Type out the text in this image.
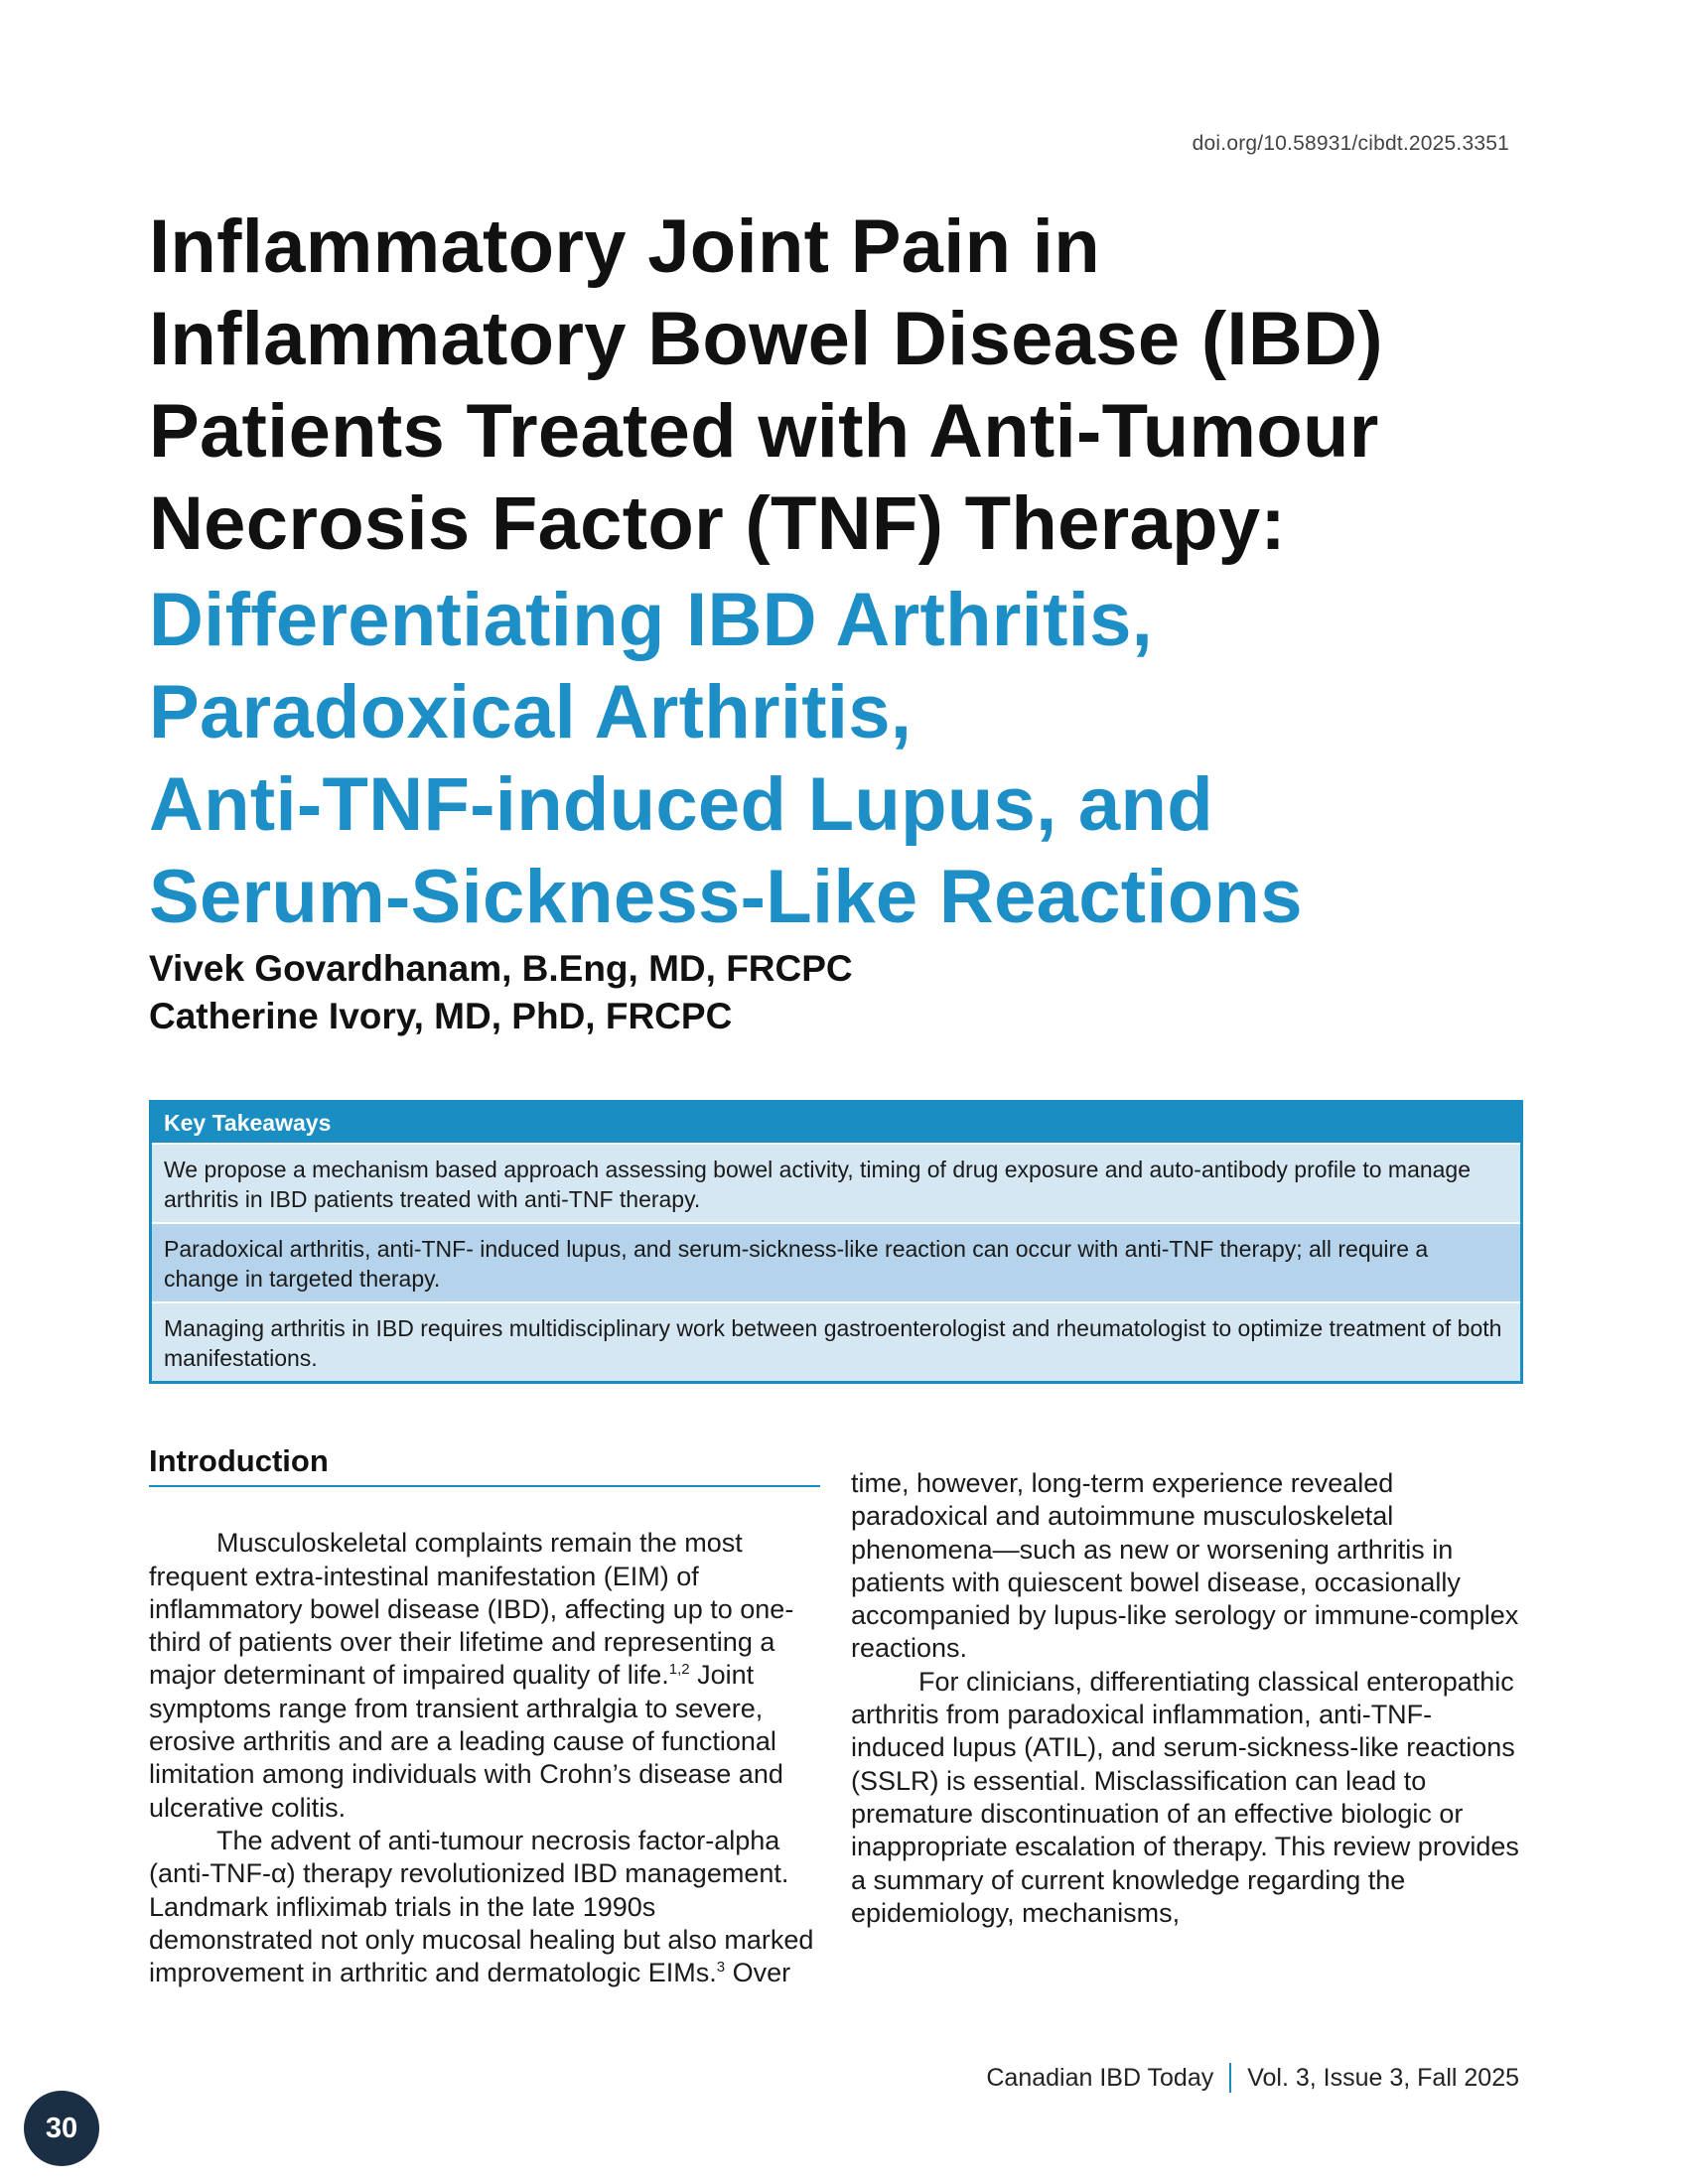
doi.org/10.58931/cibdt.2025.3351
Inflammatory Joint Pain in
Inflammatory Bowel Disease (IBD)
Patients Treated with Anti-Tumour
Necrosis Factor (TNF) Therapy:
Differentiating IBD Arthritis,
Paradoxical Arthritis,
Anti-TNF-induced Lupus, and
Serum-Sickness-Like Reactions
Vivek Govardhanam, B.Eng, MD, FRCPC
Catherine Ivory, MD, PhD, FRCPC
Key Takeaways
We propose a mechanism based approach assessing bowel activity, timing of drug exposure and auto-antibody profile to manage arthritis in IBD patients treated with anti-TNF therapy.
Paradoxical arthritis, anti-TNF- induced lupus, and serum-sickness-like reaction can occur with anti-TNF therapy; all require a change in targeted therapy.
Managing arthritis in IBD requires multidisciplinary work between gastroenterologist and rheumatologist to optimize treatment of both manifestations.
Introduction

Musculoskeletal complaints remain the most frequent extra-intestinal manifestation (EIM) of inflammatory bowel disease (IBD), affecting up to one-third of patients over their lifetime and representing a major determinant of impaired quality of life.$^{1,2}$ Joint symptoms range from transient arthralgia to severe, erosive arthritis and are a leading cause of functional limitation among individuals with Crohn’s disease and ulcerative colitis.

The advent of anti-tumour necrosis factor-alpha (anti-TNF-α) therapy revolutionized IBD management. Landmark infliximab trials in the late 1990s demonstrated not only mucosal healing but also marked improvement in arthritic and dermatologic EIMs.$^3$ Over

time, however, long-term experience revealed paradoxical and autoimmune musculoskeletal phenomena—such as new or worsening arthritis in patients with quiescent bowel disease, occasionally accompanied by lupus-like serology or immune-complex reactions.

For clinicians, differentiating classical enteropathic arthritis from paradoxical inflammation, anti-TNF-induced lupus (ATIL), and serum-sickness-like reactions (SSLR) is essential. Misclassification can lead to premature discontinuation of an effective biologic or inappropriate escalation of therapy. This review provides a summary of current knowledge regarding the epidemiology, mechanisms,

Canadian IBD Today Vol. 3, Issue 3, Fall 2025
30
